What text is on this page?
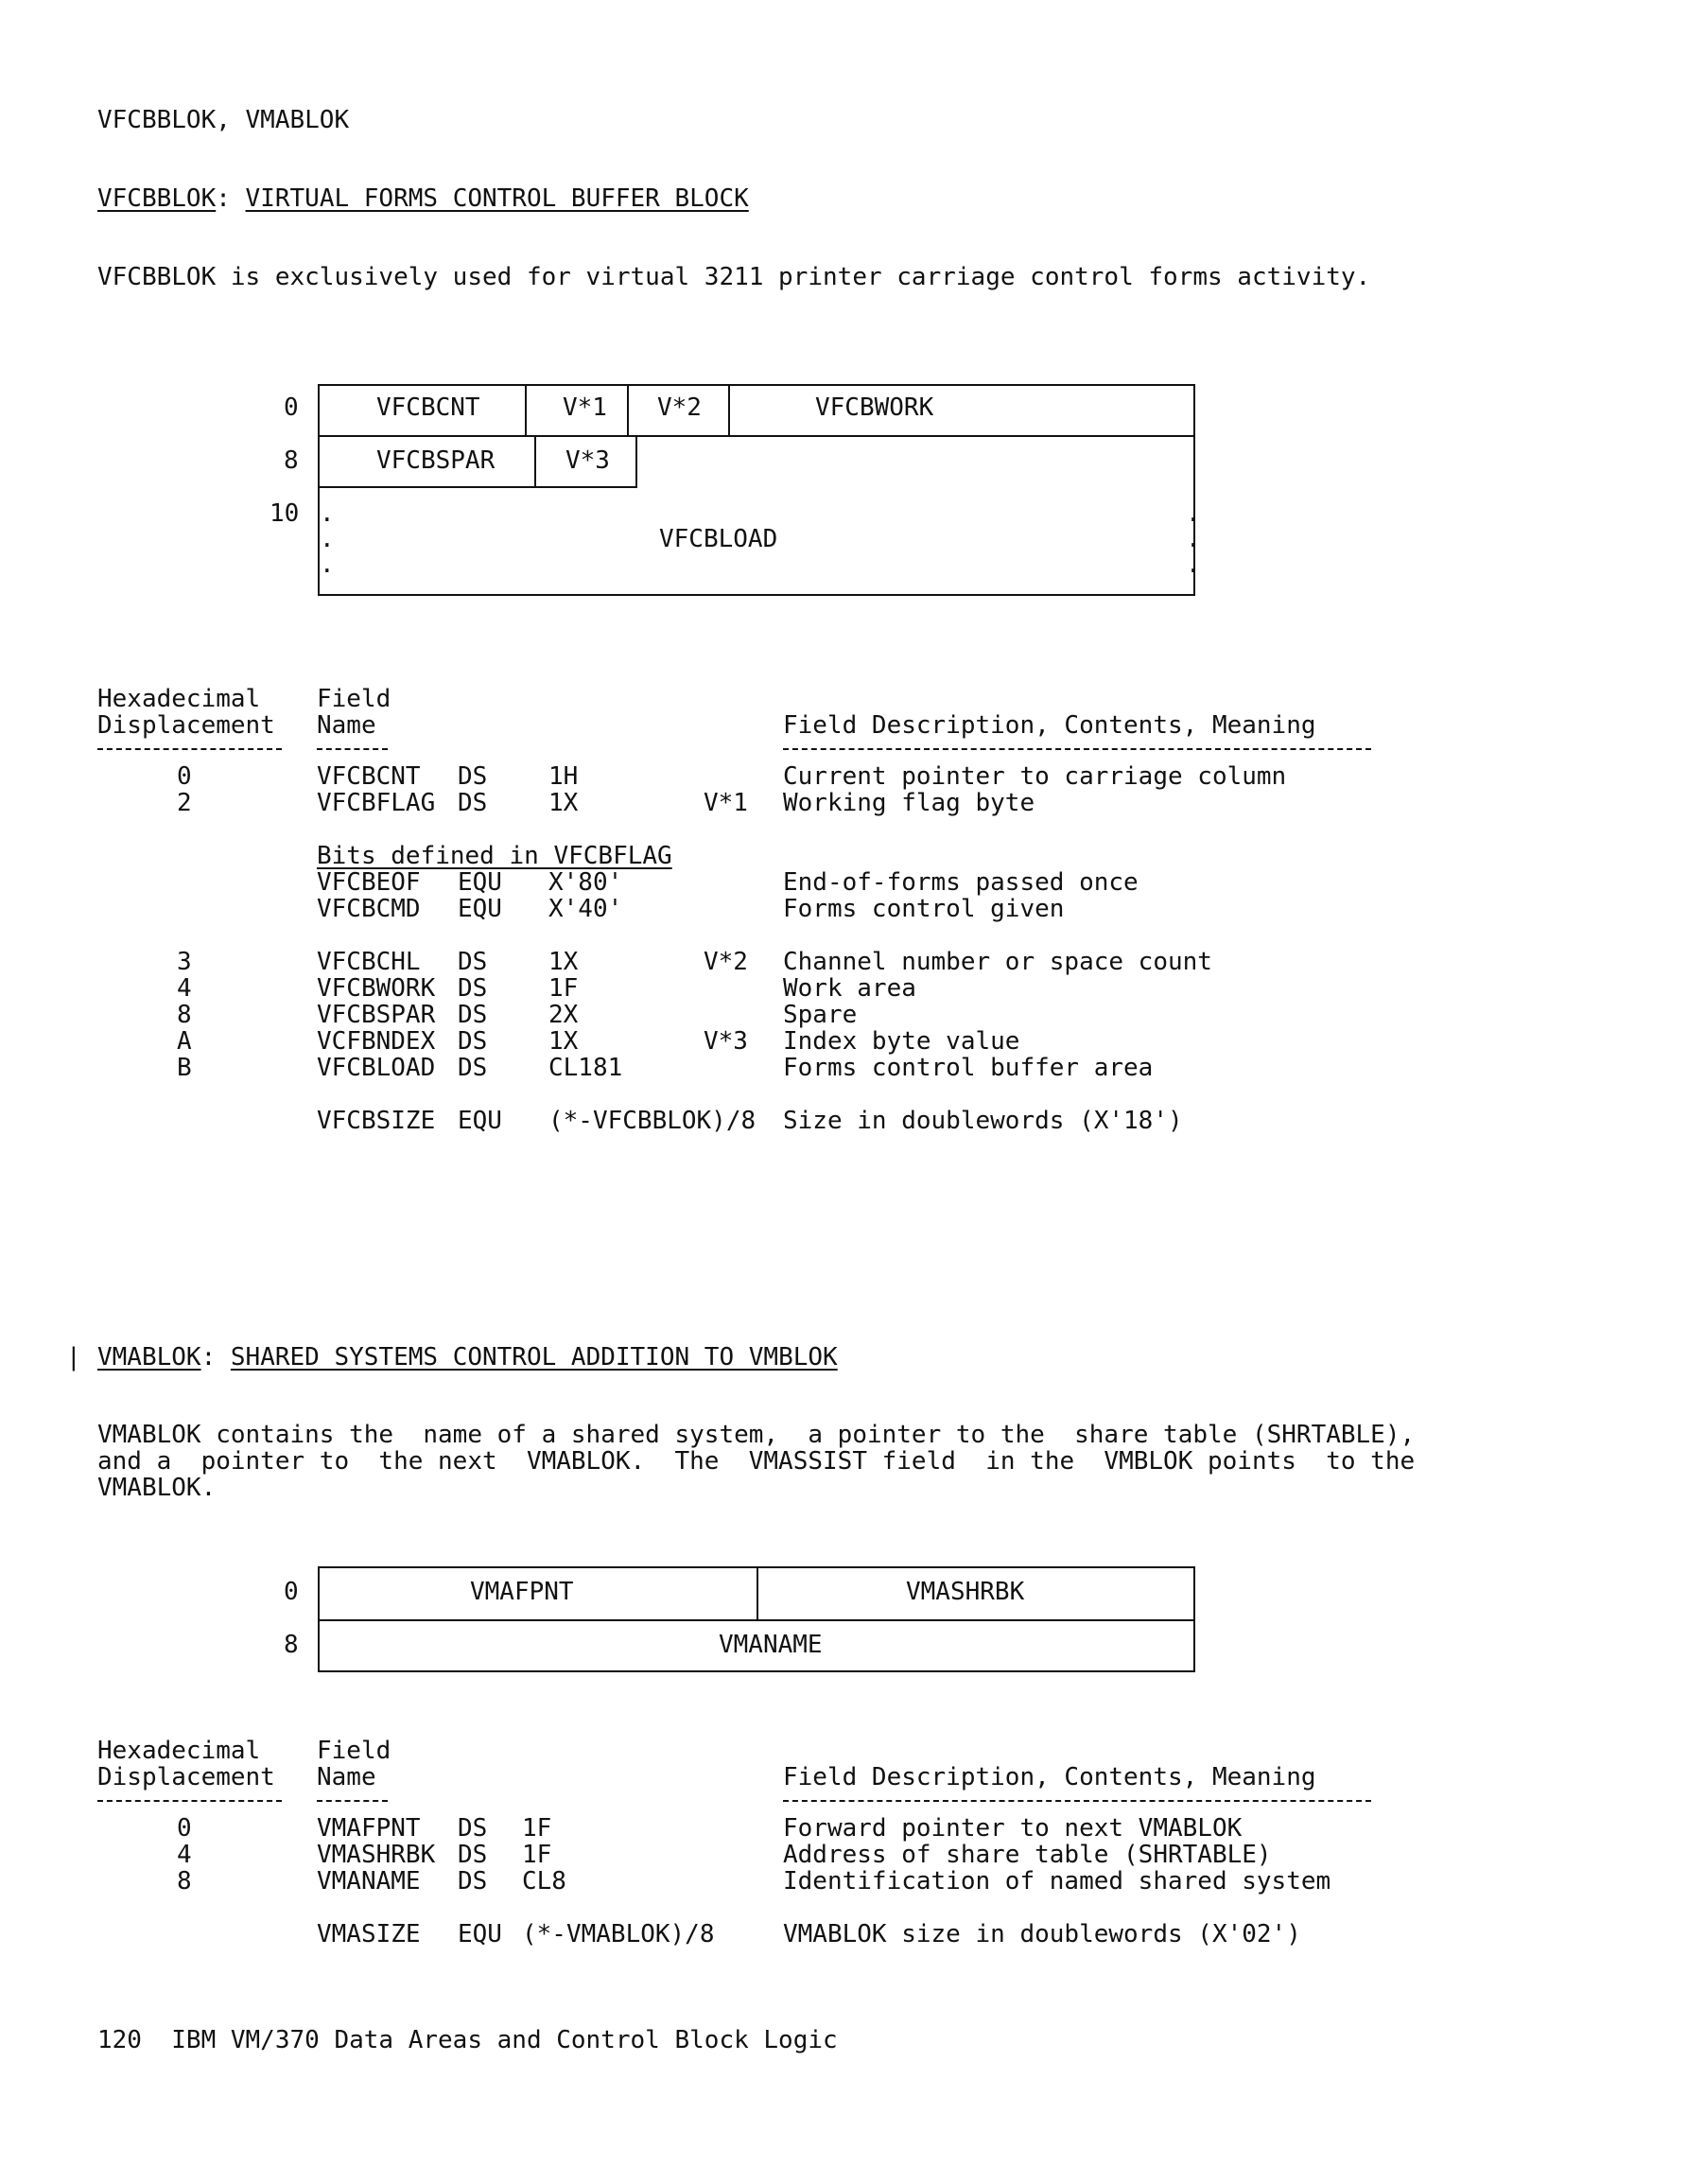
VFCBBLOK, VMABLOK
VFCBBLOK: VIRTUAL FORMS CONTROL BUFFER BLOCK
VFCBBLOK is exclusively used for virtual 3211 printer carriage control forms activity.
0
8
10
VFCBCNT	V*1 V*2	VFCBWORK
VFCBSPAR	V*3
VFCBLOAD
.
.
.
.
.
.
Hexadecimal
Displacement
Field
Name	Field Description, Contents, Meaning
0	VFCBCNT DS 1H	Current pointer to carriage column
2	VFCBFLAG DS 1X	V*1 Working flag byte
Bits defined in VFCBFLAG
VFCBEOF EQU X'80'	End-of-forms passed once
VFCBCMD EQU X'40'	Forms control given
3	VFCBCHL DS 1X	V*2 Channel number or space count
4	VFCBWORK DS 1F	Work area
8	VFCBSPAR DS 2X	Spare
A	VCFBNDEX DS 1X	V*3 Index byte value
B	VFCBLOAD DS CL181	Forms control buffer area
VFCBSIZE EQU (*-VFCBBLOK)/8 Size in doublewords (X'18')
| VMABLOK: SHARED SYSTEMS CONTROL ADDITION TO VMBLOK
VMABLOK contains the  name of a shared system,  a pointer to the  share table (SHRTABLE),
and a  pointer to  the next  VMABLOK.  The  VMASSIST field  in the  VMBLOK points  to the
VMABLOK.
0
8
VMAFPNT	VMASHRBK
VMANAME
Hexadecimal
Displacement
Field
Name	Field Description, Contents, Meaning
0	VMAFPNT DS 1F	Forward pointer to next VMABLOK
4	VMASHRBK DS 1F	Address of share table (SHRTABLE)
8	VMANAME DS CL8	Identification of named shared system
VMASIZE EQU (*-VMABLOK)/8	VMABLOK size in doublewords (X'02')
120  IBM VM/370 Data Areas and Control Block Logic
